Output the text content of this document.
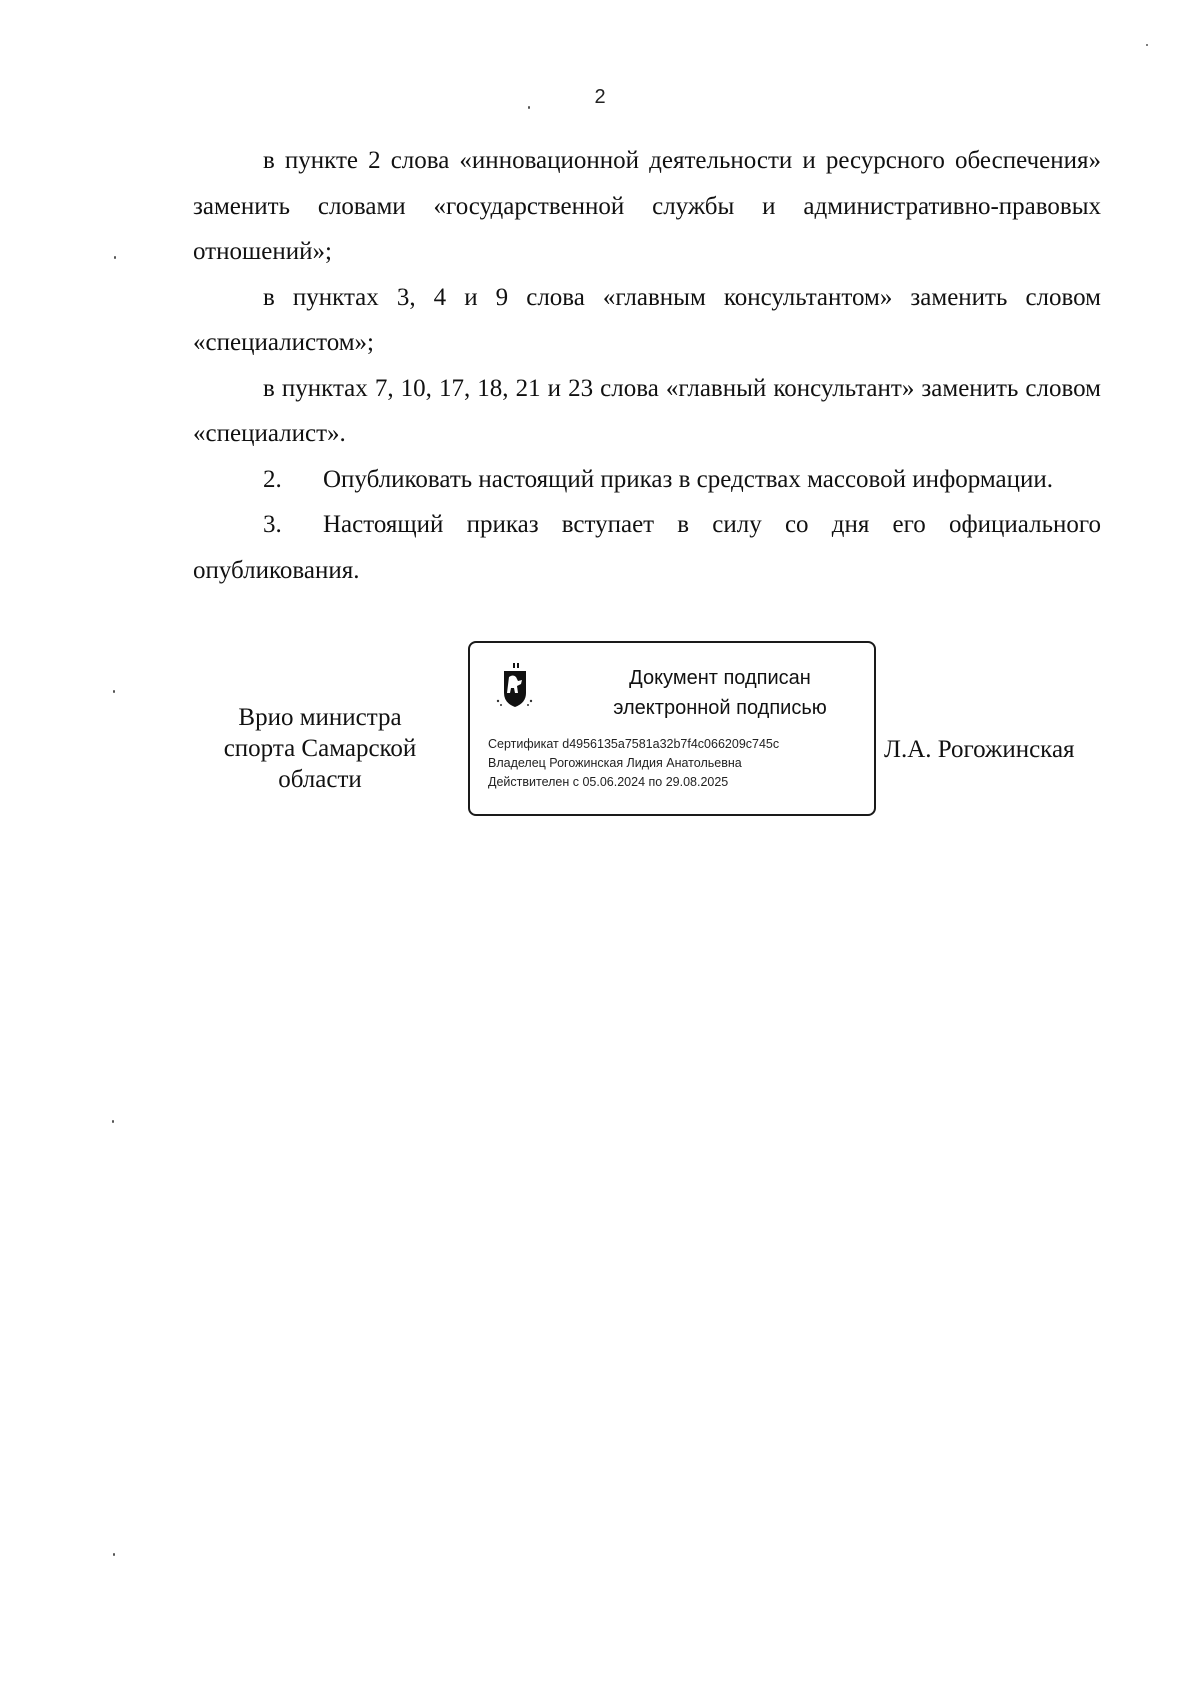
2

в пункте 2 слова «инновационной деятельности и ресурсного обеспечения» заменить словами «государственной службы и административно-правовых отношений»;

в пунктах 3, 4 и 9 слова «главным консультантом» заменить словом «специалистом»;

в пунктах 7, 10, 17, 18, 21 и 23 слова «главный консультант» заменить словом «специалист».

2. Опубликовать настоящий приказ в средствах массовой информации.

3. Настоящий приказ вступает в силу со дня его официального опубликования.

Врио министра спорта Самарской области
Документ подписан
электронной подписью
Сертификат d4956135a7581a32b7f4c066209c745c
Владелец Рогожинская Лидия Анатольевна
Действителен с 05.06.2024 по 29.08.2025
Л.А. Рогожинская
